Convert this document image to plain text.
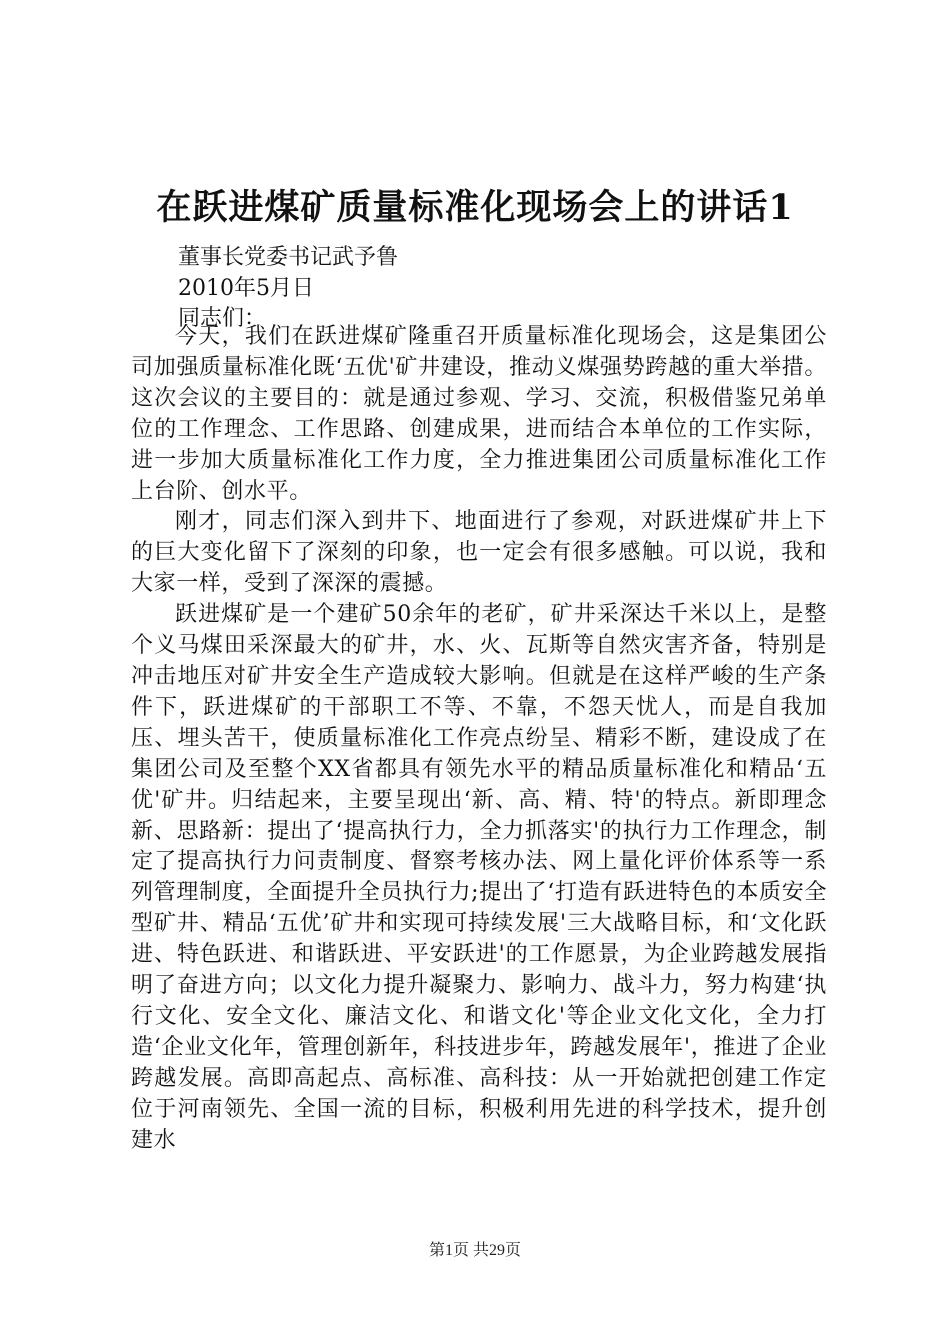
在跃进煤矿质量标准化现场会上的讲话1

董事长党委书记武予鲁

2010年5月日

同志们：

今天，我们在跃进煤矿隆重召开质量标准化现场会，这是集团公司加强质量标准化既‘五优'矿井建设，推动义煤强势跨越的重大举措。这次会议的主要目的：就是通过参观、学习、交流，积极借鉴兄弟单位的工作理念、工作思路、创建成果，进而结合本单位的工作实际，进一步加大质量标准化工作力度，全力推进集团公司质量标准化工作上台阶、创水平。

刚才，同志们深入到井下、地面进行了参观，对跃进煤矿井上下的巨大变化留下了深刻的印象，也一定会有很多感触。可以说，我和大家一样，受到了深深的震撼。

跃进煤矿是一个建矿50余年的老矿，矿井采深达千米以上，是整个义马煤田采深最大的矿井，水、火、瓦斯等自然灾害齐备，特别是冲击地压对矿井安全生产造成较大影响。但就是在这样严峻的生产条件下，跃进煤矿的干部职工不等、不靠，不怨天忧人，而是自我加压、埋头苦干，使质量标准化工作亮点纷呈、精彩不断，建设成了在集团公司及至整个XX省都具有领先水平的精品质量标准化和精品‘五优'矿井。归结起来，主要呈现出‘新、高、精、特'的特点。新即理念新、思路新：提出了‘提高执行力，全力抓落实'的执行力工作理念，制定了提高执行力问责制度、督察考核办法、网上量化评价体系等一系列管理制度，全面提升全员执行力;提出了‘打造有跃进特色的本质安全型矿井、精品‘五优’矿井和实现可持续发展'三大战略目标，和‘文化跃进、特色跃进、和谐跃进、平安跃进'的工作愿景，为企业跨越发展指明了奋进方向；以文化力提升凝聚力、影响力、战斗力，努力构建‘执行文化、安全文化、廉洁文化、和谐文化'等企业文化文化，全力打造‘企业文化年，管理创新年，科技进步年，跨越发展年'，推进了企业跨越发展。高即高起点、高标准、高科技：从一开始就把创建工作定位于河南领先、全国一流的目标，积极利用先进的科学技术，提升创建水

第1页 共29页
